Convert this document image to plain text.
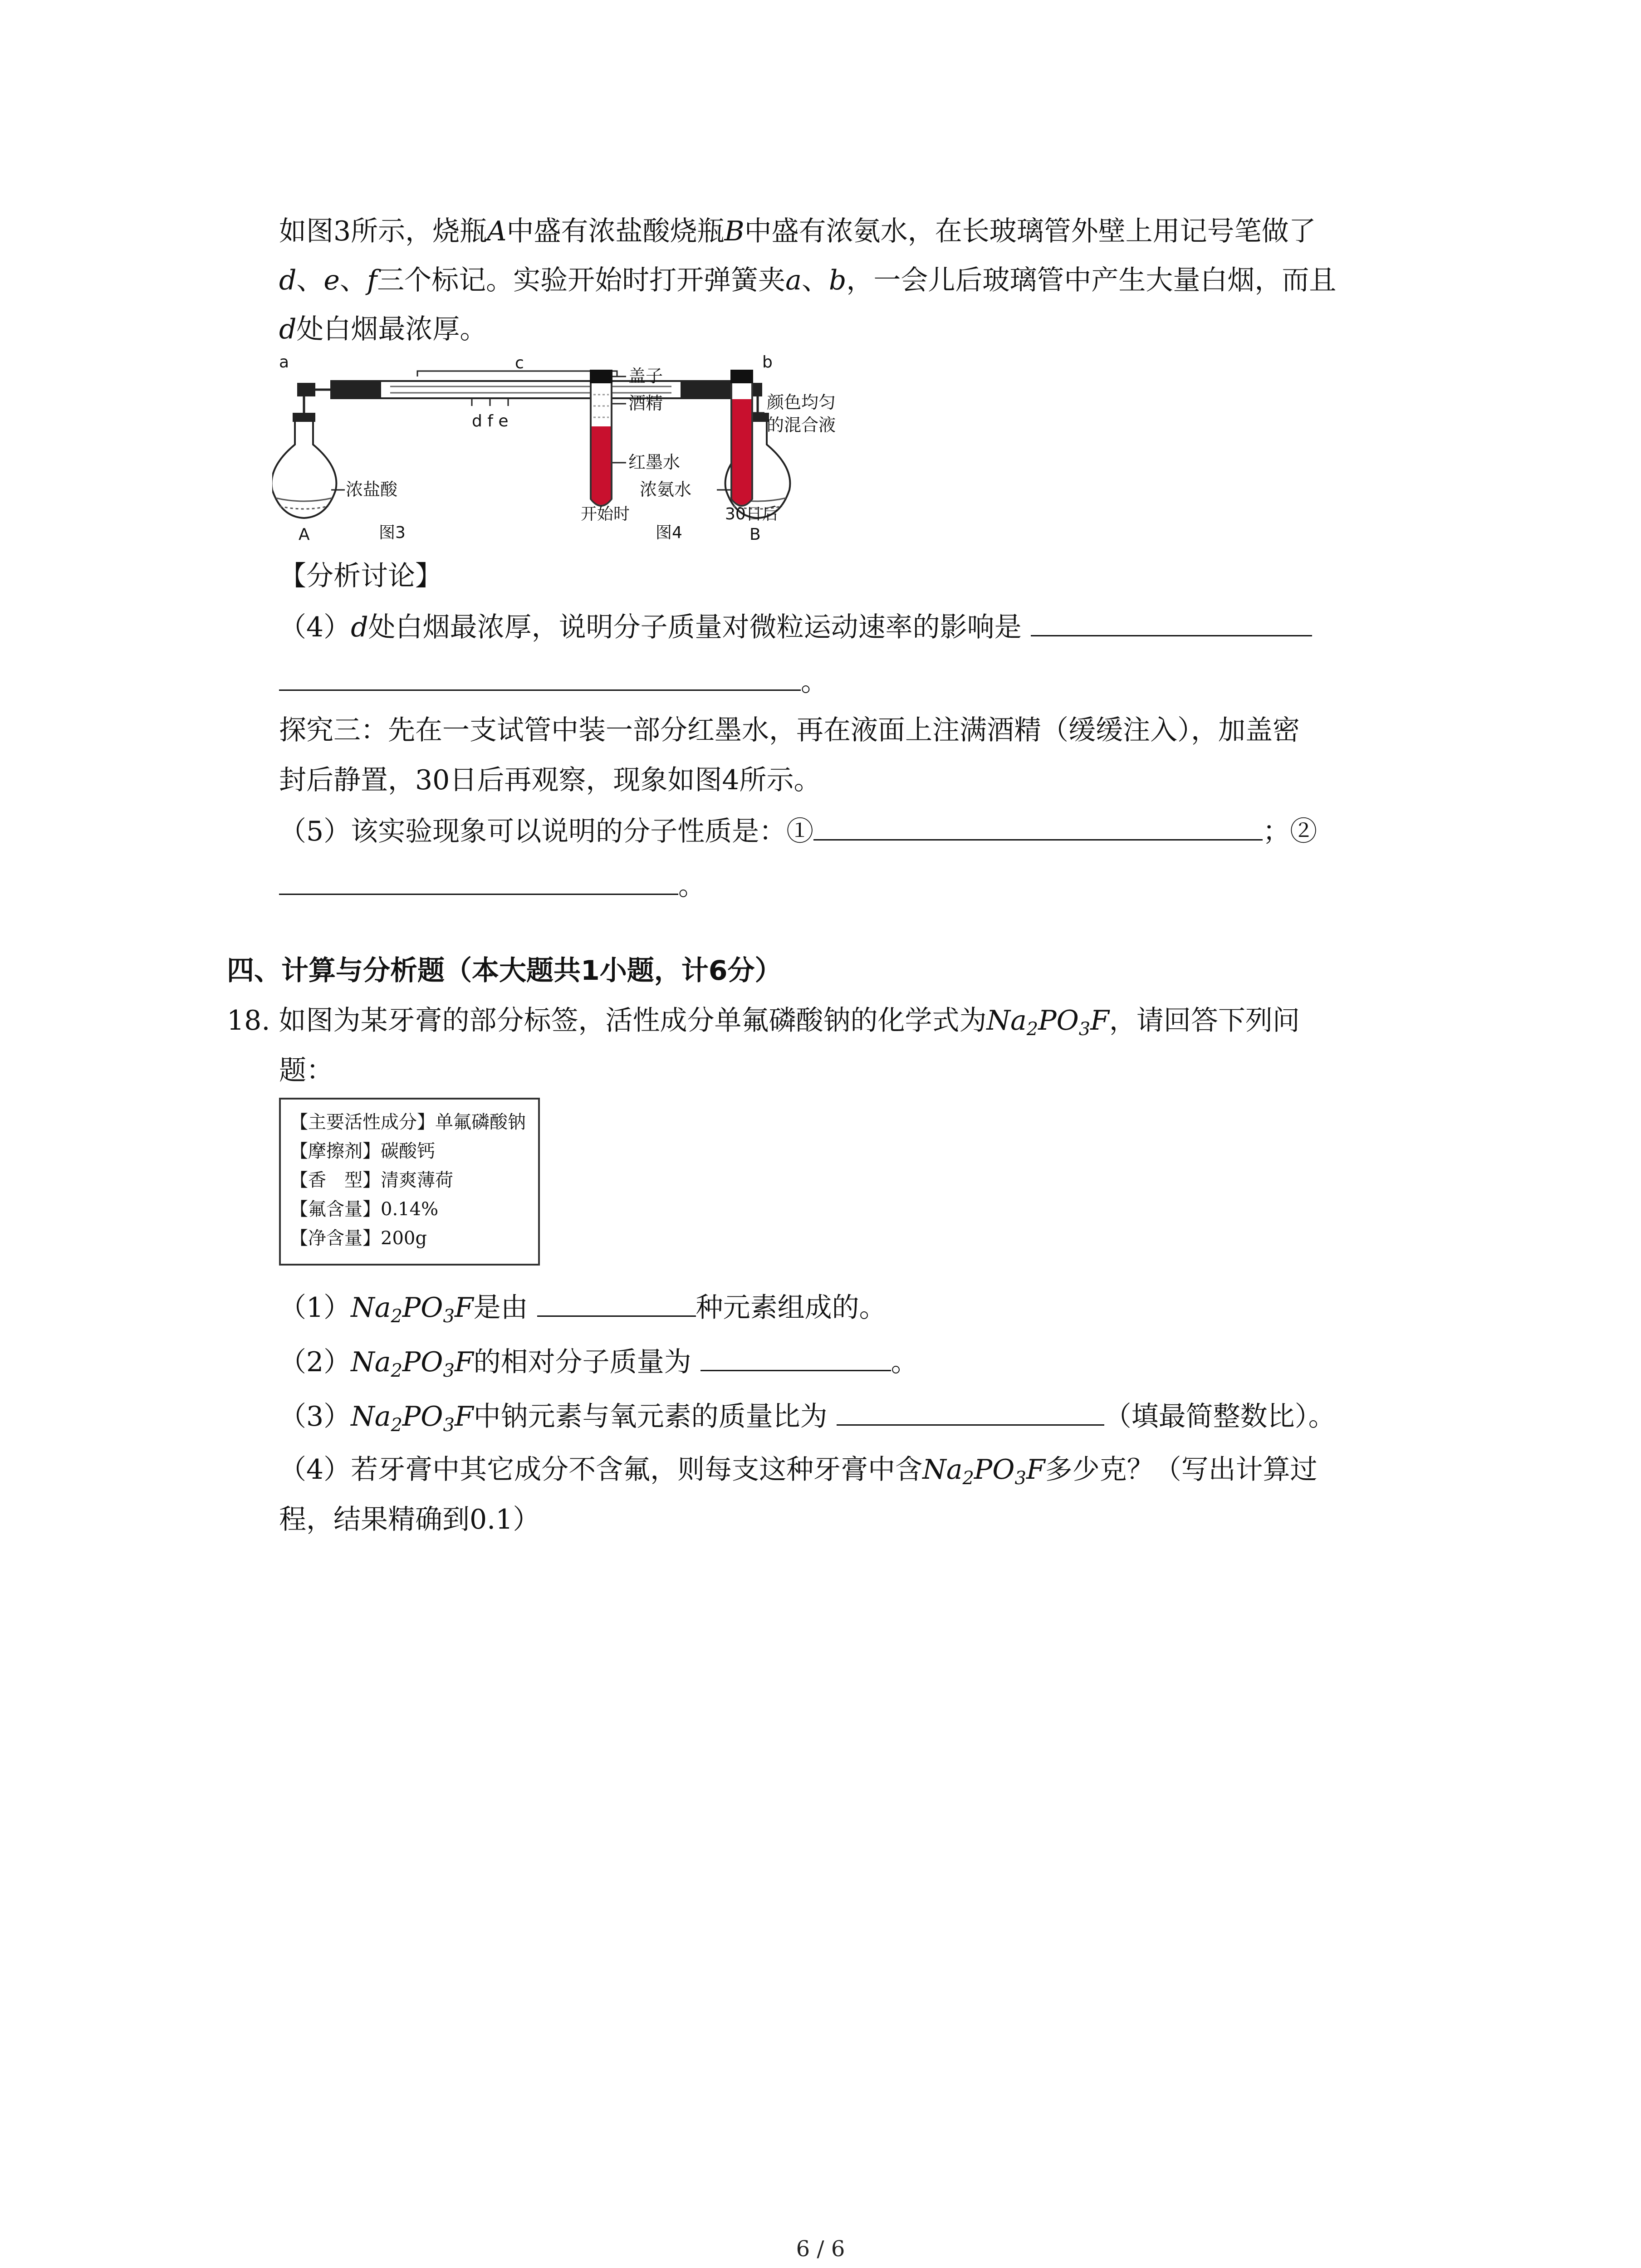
如图3所示，烧瓶A中盛有浓盐酸烧瓶B中盛有浓氨水，在长玻璃管外壁上用记号笔做了
d、e、f三个标记。实验开始时打开弹簧夹a、b，一会儿后玻璃管中产生大量白烟，而且
d处白烟最浓厚。
c
d f e
a	b
浓盐酸	浓氨水
A	B
图3
盖子
酒精
红墨水
开始时
颜色均匀
的混合液
30日后
图4
【分析讨论】
（4）d处白烟最浓厚，说明分子质量对微粒运动速率的影响是
。
探究三：先在一支试管中装一部分红墨水，再在液面上注满酒精（缓缓注入），加盖密
封后静置，30日后再观察，现象如图4所示。
（5）该实验现象可以说明的分子性质是：①	；②
。
四、计算与分析题（本大题共1小题，计6分）
18. 如图为某牙膏的部分标签，活性成分单氟磷酸钠的化学式为$Na_2PO_3F$，请回答下列问
题：
【主要活性成分】单氟磷酸钠
【摩擦剂】碳酸钙
【香　型】清爽薄荷
【氟含量】0.14%
【净含量】200g
$(1)Na_2PO_3F$是由	种元素组成的。
$(2)Na_2PO_3F$的相对分子质量为	。
$(3)Na_2PO_3F$中钠元素与氧元素的质量比为	（填最简整数比）。
（4）若牙膏中其它成分不含氟，则每支这种牙膏中含$Na_2PO_3F$多少克？（写出计算过
程，结果精确到0.1）
6 / 6
